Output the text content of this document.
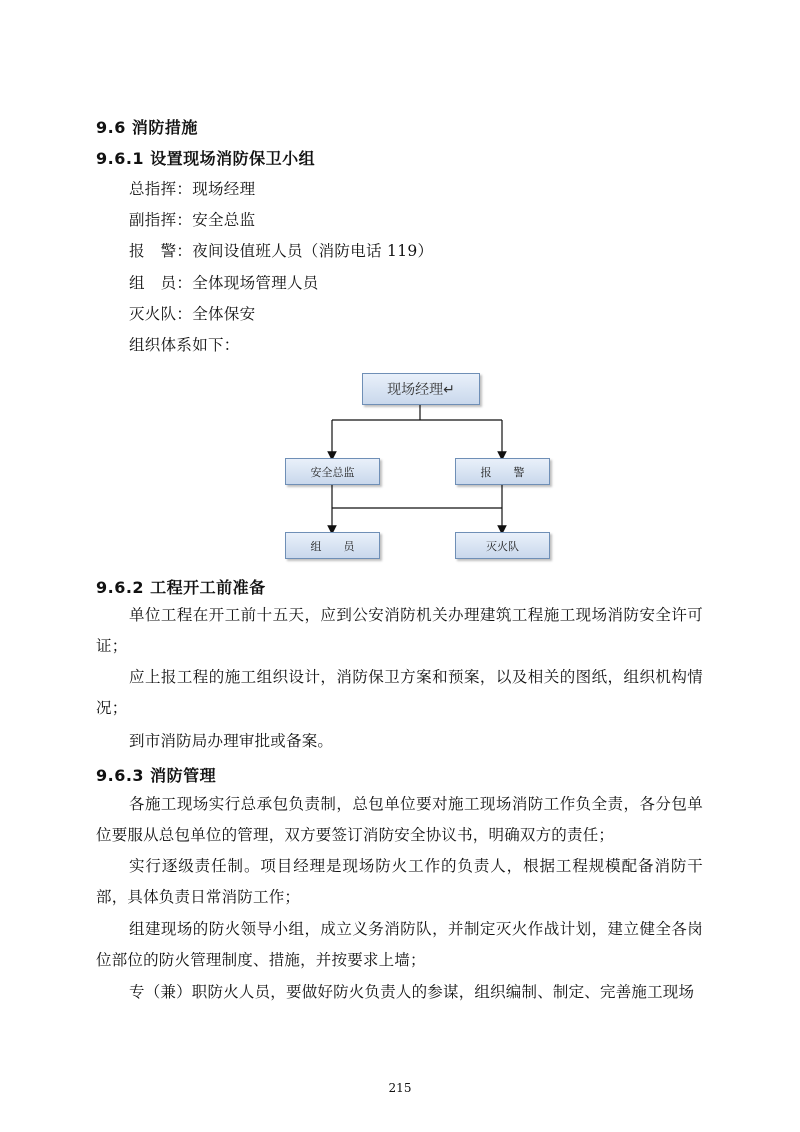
9.6 消防措施
9.6.1 设置现场消防保卫小组
总指挥：现场经理
副指挥：安全总监
报　警：夜间设值班人员（消防电话 119）
组　员：全体现场管理人员
灭火队：全体保安
组织体系如下：
现场经理↵
安全总监	报　　警
组　　员	灭火队
9.6.2 工程开工前准备
单位工程在开工前十五天，应到公安消防机关办理建筑工程施工现场消防安全许可证；
应上报工程的施工组织设计，消防保卫方案和预案，以及相关的图纸，组织机构情况；
到市消防局办理审批或备案。
9.6.3 消防管理
各施工现场实行总承包负责制，总包单位要对施工现场消防工作负全责，各分包单位要服从总包单位的管理，双方要签订消防安全协议书，明确双方的责任；
实行逐级责任制。项目经理是现场防火工作的负责人，根据工程规模配备消防干部，具体负责日常消防工作；
组建现场的防火领导小组，成立义务消防队，并制定灭火作战计划，建立健全各岗位部位的防火管理制度、措施，并按要求上墙；
专（兼）职防火人员，要做好防火负责人的参谋，组织编制、制定、完善施工现场
215
